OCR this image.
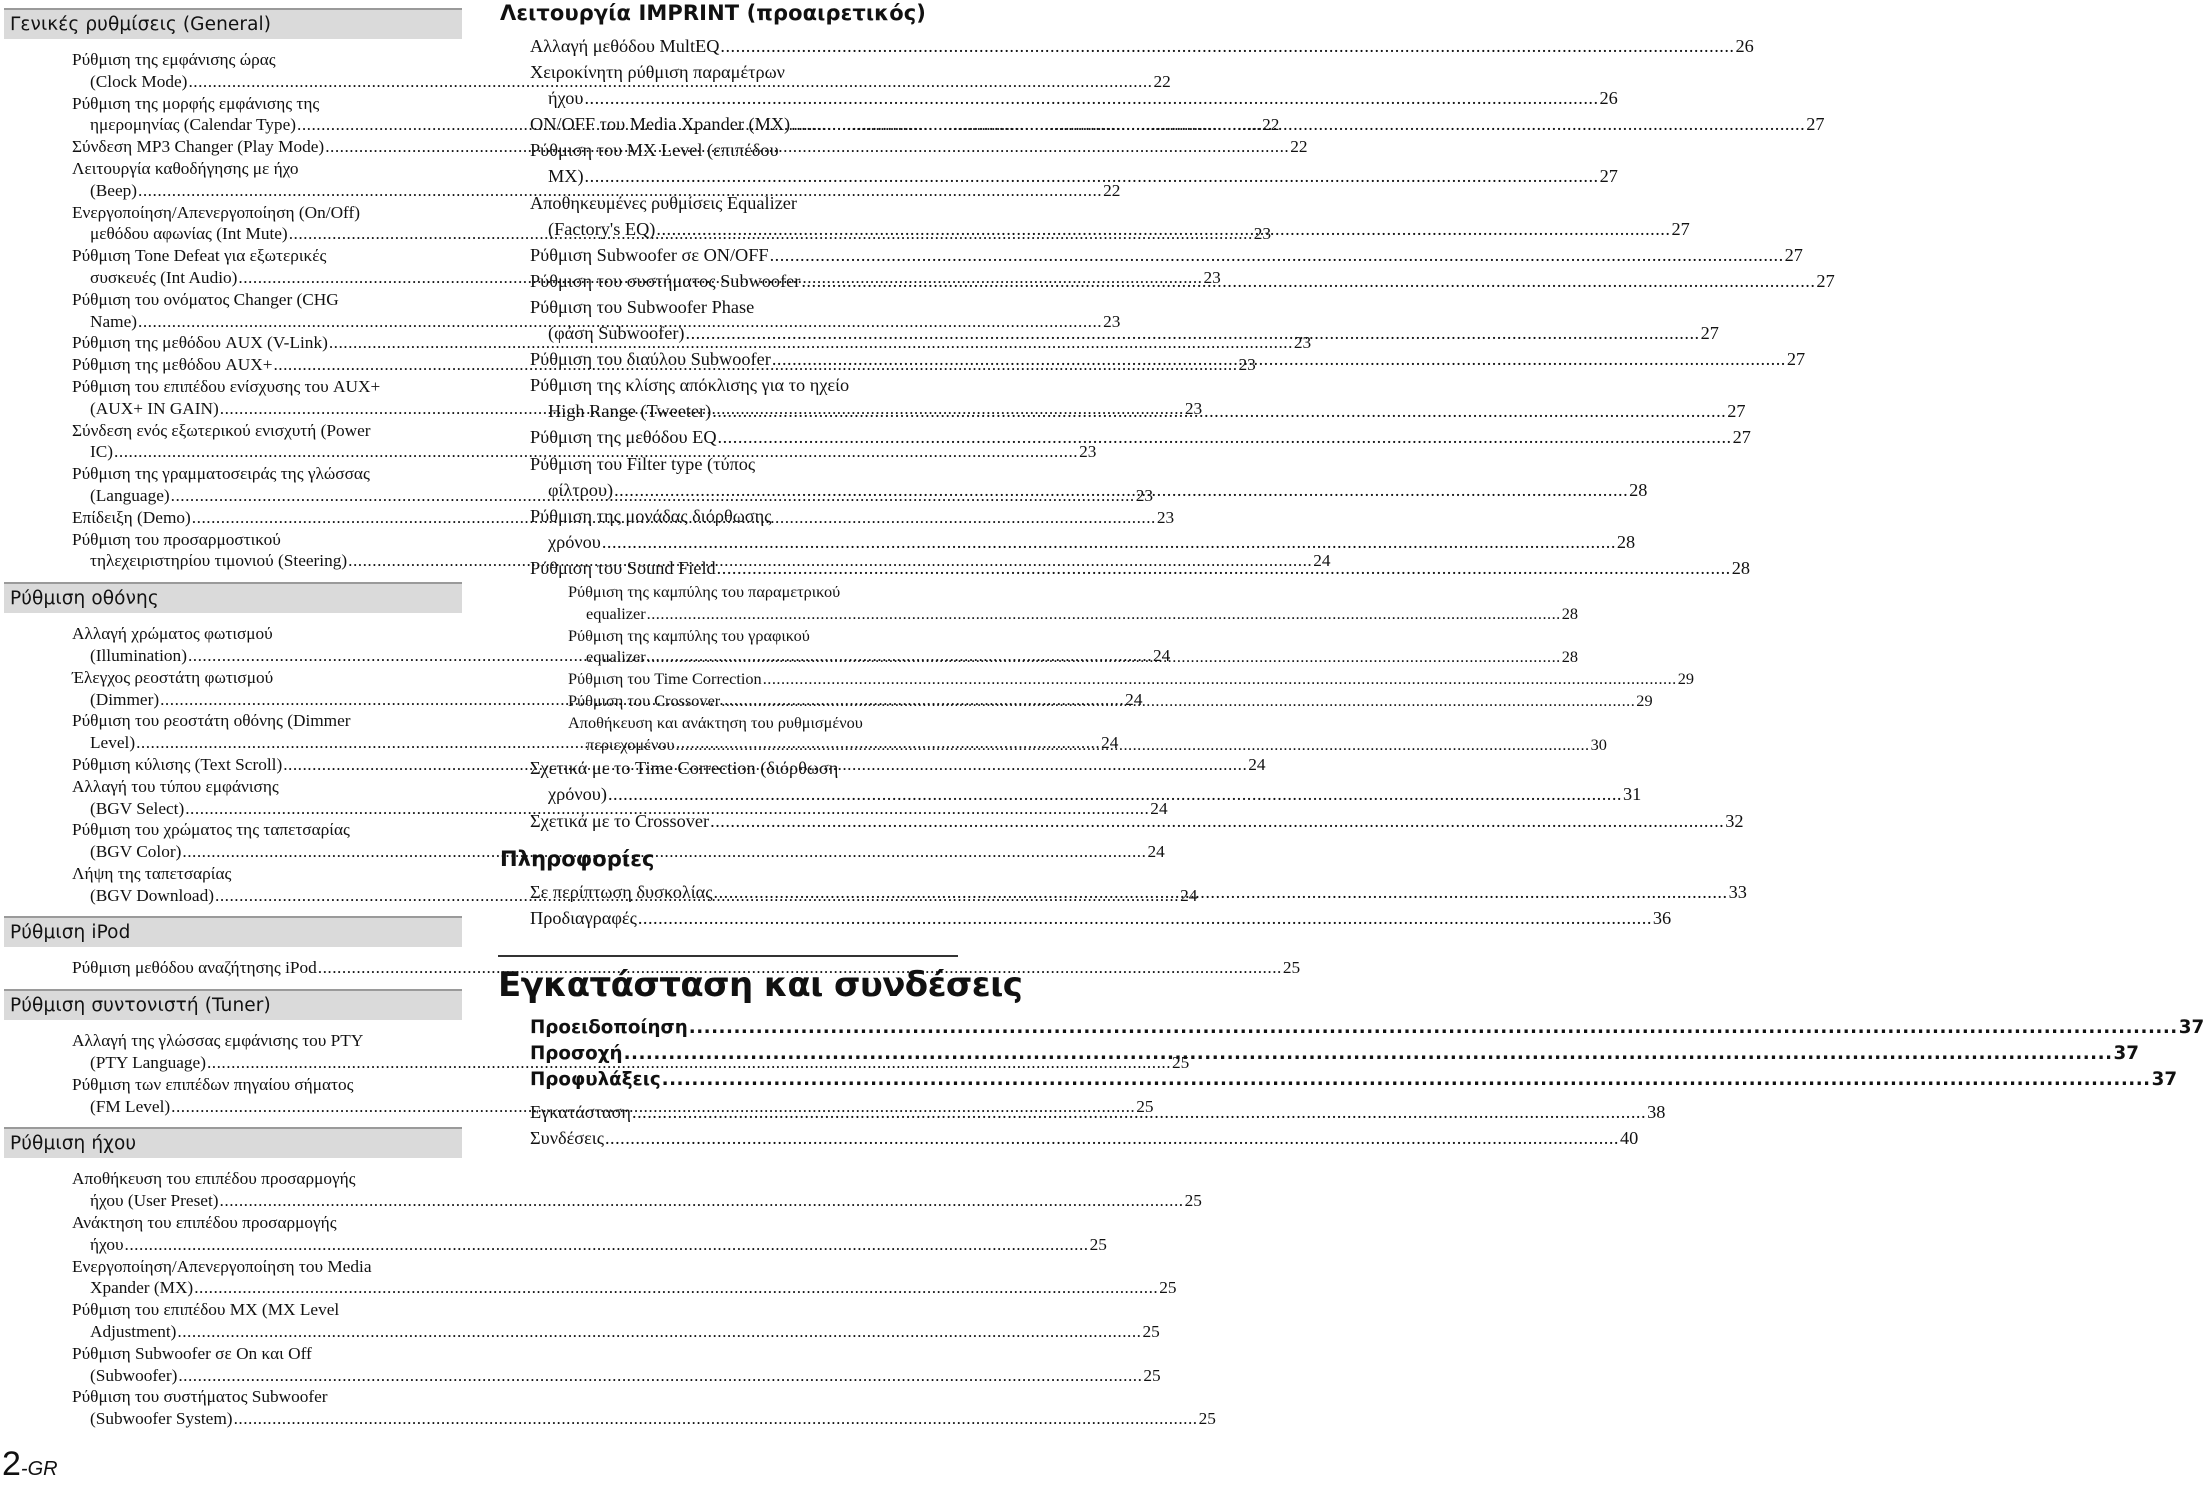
Γενικές ρυθμίσεις (General)
Ρύθμιση της εμφάνισης ώρας
(Clock Mode) .....	22
Ρύθμιση της μορφής εμφάνισης της
ημερομηνίας (Calendar Type) .....	22
Σύνδεση MP3 Changer (Play Mode) .....	22
Λειτουργία καθοδήγησης με ήχο
(Beep) .....	22
Ενεργοποίηση/Απενεργοποίηση (On/Off)
μεθόδου αφωνίας (Int Mute) .....	23
Ρύθμιση Tone Defeat για εξωτερικές
συσκευές (Int Audio) .....	23
Ρύθμιση του ονόματος Changer (CHG
Name) .....	23
Ρύθμιση της μεθόδου AUX (V-Link) .....	23
Ρύθμιση της μεθόδου AUX+ .....	23
Ρύθμιση του επιπέδου ενίσχυσης του AUX+
(AUX+ IN GAIN) .....	23
Σύνδεση ενός εξωτερικού ενισχυτή (Power
IC) .....	23
Ρύθμιση της γραμματοσειράς της γλώσσας
(Language) .....	23
Επίδειξη (Demo) .....	23
Ρύθμιση του προσαρμοστικού
τηλεχειριστηρίου τιμονιού (Steering) .....	24
Ρύθμιση οθόνης
Αλλαγή χρώματος φωτισμού
(Illumination) .....	24
Έλεγχος ρεοστάτη φωτισμού
(Dimmer) .....	24
Ρύθμιση του ρεοστάτη οθόνης (Dimmer
Level) .....	24
Ρύθμιση κύλισης (Text Scroll) .....	24
Αλλαγή του τύπου εμφάνισης
(BGV Select) .....	24
Ρύθμιση του χρώματος της ταπετσαρίας
(BGV Color) .....	24
Λήψη της ταπετσαρίας
(BGV Download) .....	24
Ρύθμιση iPod
Ρύθμιση μεθόδου αναζήτησης iPod .....	25
Ρύθμιση συντονιστή (Tuner)
Αλλαγή της γλώσσας εμφάνισης του PTY
(PTY Language) .....	25
Ρύθμιση των επιπέδων πηγαίου σήματος
(FM Level) .....	25
Ρύθμιση ήχου
Αποθήκευση του επιπέδου προσαρμογής
ήχου (User Preset) .....	25
Ανάκτηση του επιπέδου προσαρμογής
ήχου .....	25
Ενεργοποίηση/Απενεργοποίηση του Media
Xpander (MX) .....	25
Ρύθμιση του επιπέδου MX (MX Level
Adjustment) .....	25
Ρύθμιση Subwoofer σε On και Off
(Subwoofer) .....	25
Ρύθμιση του συστήματος Subwoofer
(Subwoofer System) .....	25
Λειτουργία IMPRINT (προαιρετικός)
Αλλαγή μεθόδου MultEQ .....	26
Χειροκίνητη ρύθμιση παραμέτρων
ήχου .....	26
ON/OFF του Media Xpander (MX) .....	27
Ρύθμιση του MX Level (επιπέδου
MX) .....	27
Αποθηκευμένες ρυθμίσεις Equalizer
(Factory's EQ) .....	27
Ρύθμιση Subwoofer σε ON/OFF .....	27
Ρύθμιση του συστήματος Subwoofer .....	27
Ρύθμιση του Subwoofer Phase
(φάση Subwoofer) .....	27
Ρύθμιση του διαύλου Subwoofer .....	27
Ρύθμιση της κλίσης απόκλισης για το ηχείο
High Range (Tweeter) .....	27
Ρύθμιση της μεθόδου EQ .....	27
Ρύθμιση του Filter type (τύπος
φίλτρου) .....	28
Ρύθμιση της μονάδας διόρθωσης
χρόνου .....	28
Ρύθμιση του Sound Field .....	28
Ρύθμιση της καμπύλης του παραμετρικού
equalizer .....	28
Ρύθμιση της καμπύλης του γραφικού
equalizer .....	28
Ρύθμιση του Time Correction .....	29
Ρύθμιση του Crossover .....	29
Αποθήκευση και ανάκτηση του ρυθμισμένου
περιεχομένου .....	30
Σχετικά με το Time Correction (διόρθωση
χρόνου) .....	31
Σχετικά με το Crossover .....	32
Πληροφορίες
Σε περίπτωση δυσκολίας .....	33
Προδιαγραφές .....	36
Εγκατάσταση και συνδέσεις
Προειδοποίηση .....	37
Προσοχή .....	37
Προφυλάξεις .....	37
Εγκατάσταση .....	38
Συνδέσεις .....	40
2-GR
